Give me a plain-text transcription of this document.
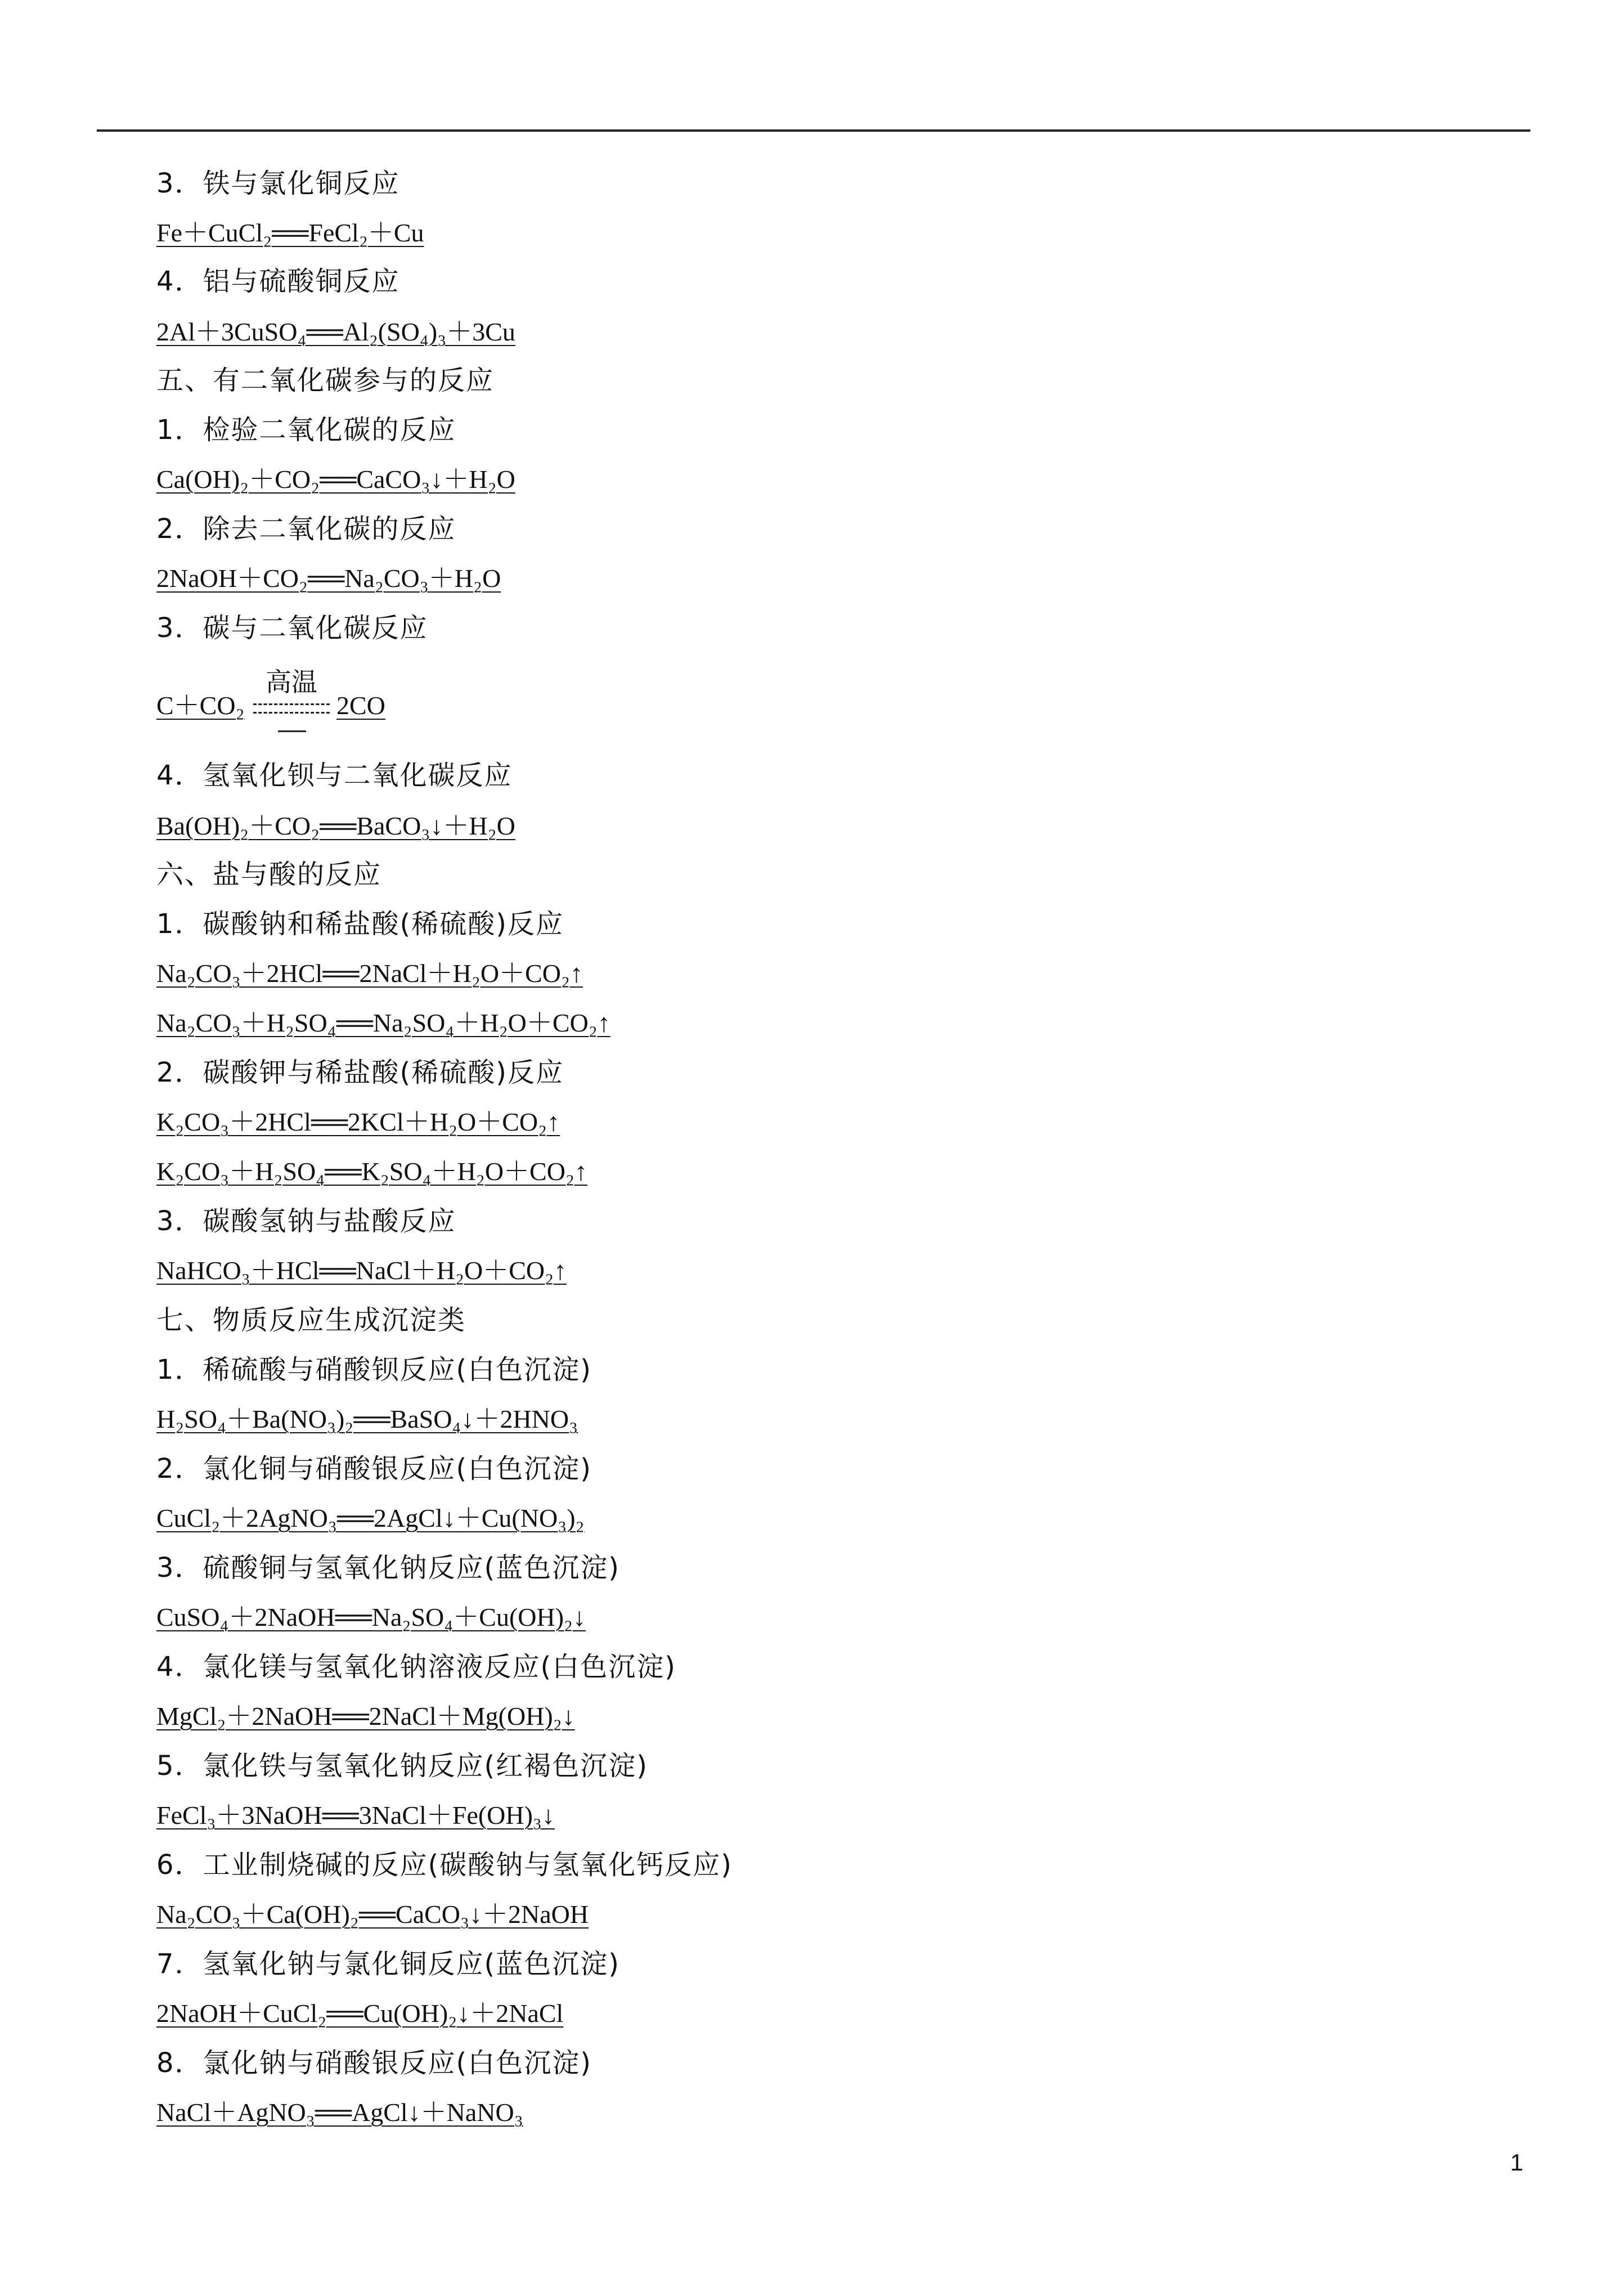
3．铁与氯化铜反应
Fe＋CuCl₂══FeCl₂＋Cu
4．铝与硫酸铜反应
2Al＋3CuSO₄══Al₂(SO₄)₃＋3Cu
五、有二氧化碳参与的反应
1．检验二氧化碳的反应
Ca(OH)₂＋CO₂══CaCO₃↓＋H₂O
2．除去二氧化碳的反应
2NaOH＋CO₂══Na₂CO₃＋H₂O
3．碳与二氧化碳反应
C＋CO₂
高温
2CO
4．氢氧化钡与二氧化碳反应
Ba(OH)₂＋CO₂══BaCO₃↓＋H₂O
六、盐与酸的反应
1．碳酸钠和稀盐酸(稀硫酸)反应
Na₂CO₃＋2HCl══2NaCl＋H₂O＋CO₂↑
Na₂CO₃＋H₂SO₄══Na₂SO₄＋H₂O＋CO₂↑
2．碳酸钾与稀盐酸(稀硫酸)反应
K₂CO₃＋2HCl══2KCl＋H₂O＋CO₂↑
K₂CO₃＋H₂SO₄══K₂SO₄＋H₂O＋CO₂↑
3．碳酸氢钠与盐酸反应
NaHCO₃＋HCl══NaCl＋H₂O＋CO₂↑
七、物质反应生成沉淀类
1．稀硫酸与硝酸钡反应(白色沉淀)
H₂SO₄＋Ba(NO₃)₂══BaSO₄↓＋2HNO₃
2．氯化铜与硝酸银反应(白色沉淀)
CuCl₂＋2AgNO₃══2AgCl↓＋Cu(NO₃)₂
3．硫酸铜与氢氧化钠反应(蓝色沉淀)
CuSO₄＋2NaOH══Na₂SO₄＋Cu(OH)₂↓
4．氯化镁与氢氧化钠溶液反应(白色沉淀)
MgCl₂＋2NaOH══2NaCl＋Mg(OH)₂↓
5．氯化铁与氢氧化钠反应(红褐色沉淀)
FeCl₃＋3NaOH══3NaCl＋Fe(OH)₃↓
6．工业制烧碱的反应(碳酸钠与氢氧化钙反应)
Na₂CO₃＋Ca(OH)₂══CaCO₃↓＋2NaOH
7．氢氧化钠与氯化铜反应(蓝色沉淀)
2NaOH＋CuCl₂══Cu(OH)₂↓＋2NaCl
8．氯化钠与硝酸银反应(白色沉淀)
NaCl＋AgNO₃══AgCl↓＋NaNO₃
1
